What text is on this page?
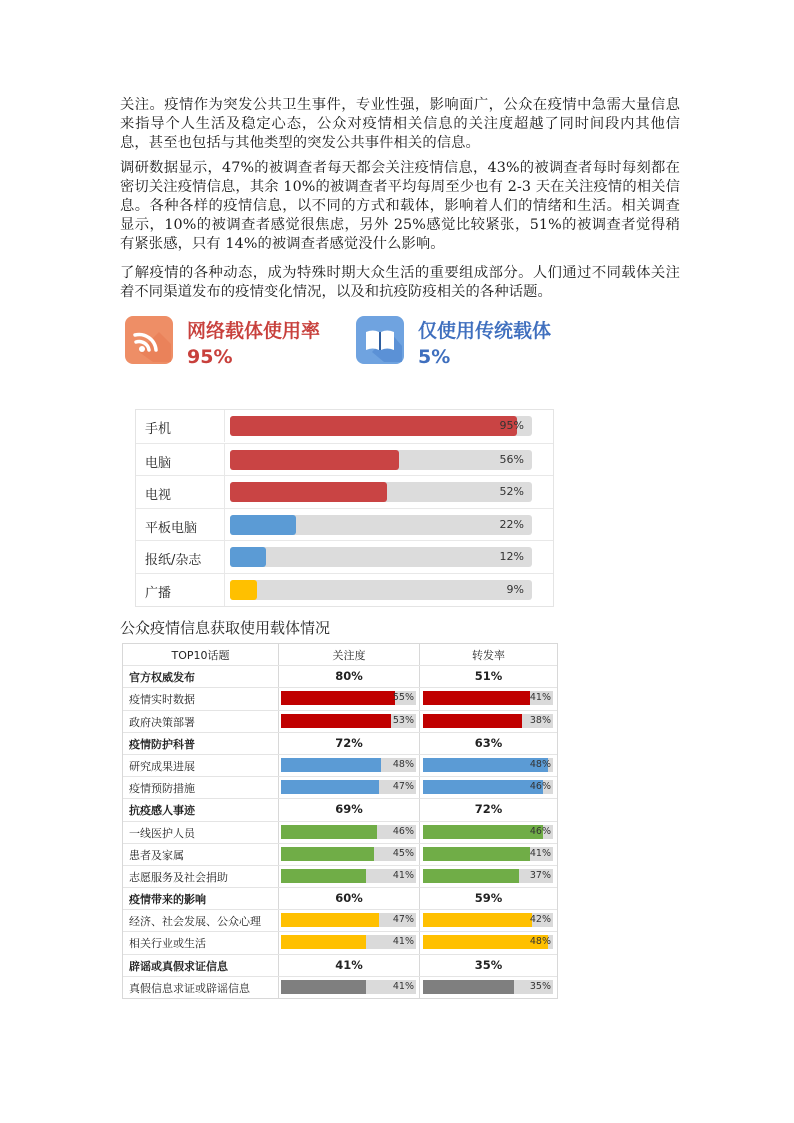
关注。疫情作为突发公共卫生事件，专业性强，影响面广，公众在疫情中急需大量信息来指导个人生活及稳定心态，公众对疫情相关信息的关注度超越了同时间段内其他信息，甚至也包括与其他类型的突发公共事件相关的信息。

调研数据显示，47%的被调查者每天都会关注疫情信息，43%的被调查者每时每刻都在密切关注疫情信息，其余 10%的被调查者平均每周至少也有 2-3 天在关注疫情的相关信息。各种各样的疫情信息，以不同的方式和载体，影响着人们的情绪和生活。相关调查显示，10%的被调查者感觉很焦虑，另外 25%感觉比较紧张，51%的被调查者觉得稍有紧张感，只有 14%的被调查者感觉没什么影响。

了解疫情的各种动态，成为特殊时期大众生活的重要组成部分。人们通过不同载体关注着不同渠道发布的疫情变化情况，以及和抗疫防疫相关的各种话题。

网络载体使用率
95%
仅使用传统载体
5%
手机	95%
电脑	56%
电视	52%
平板电脑	22%
报纸/杂志	12%
广播	9%

公众疫情信息获取使用载体情况

TOP10话题	关注度	转发率
官方权威发布	80%	51%
疫情实时数据	55%	41%
政府决策部署	53%	38%
疫情防护科普	72%	63%
研究成果进展	48%	48%
疫情预防措施	47%	46%
抗疫感人事迹	69%	72%
一线医护人员	46%	46%
患者及家属	45%	41%
志愿服务及社会捐助	41%	37%
疫情带来的影响	60%	59%
经济、社会发展、公众心理	47%	42%
相关行业或生活	41%	48%
辟谣或真假求证信息	41%	35%
真假信息求证或辟谣信息	41%	35%
